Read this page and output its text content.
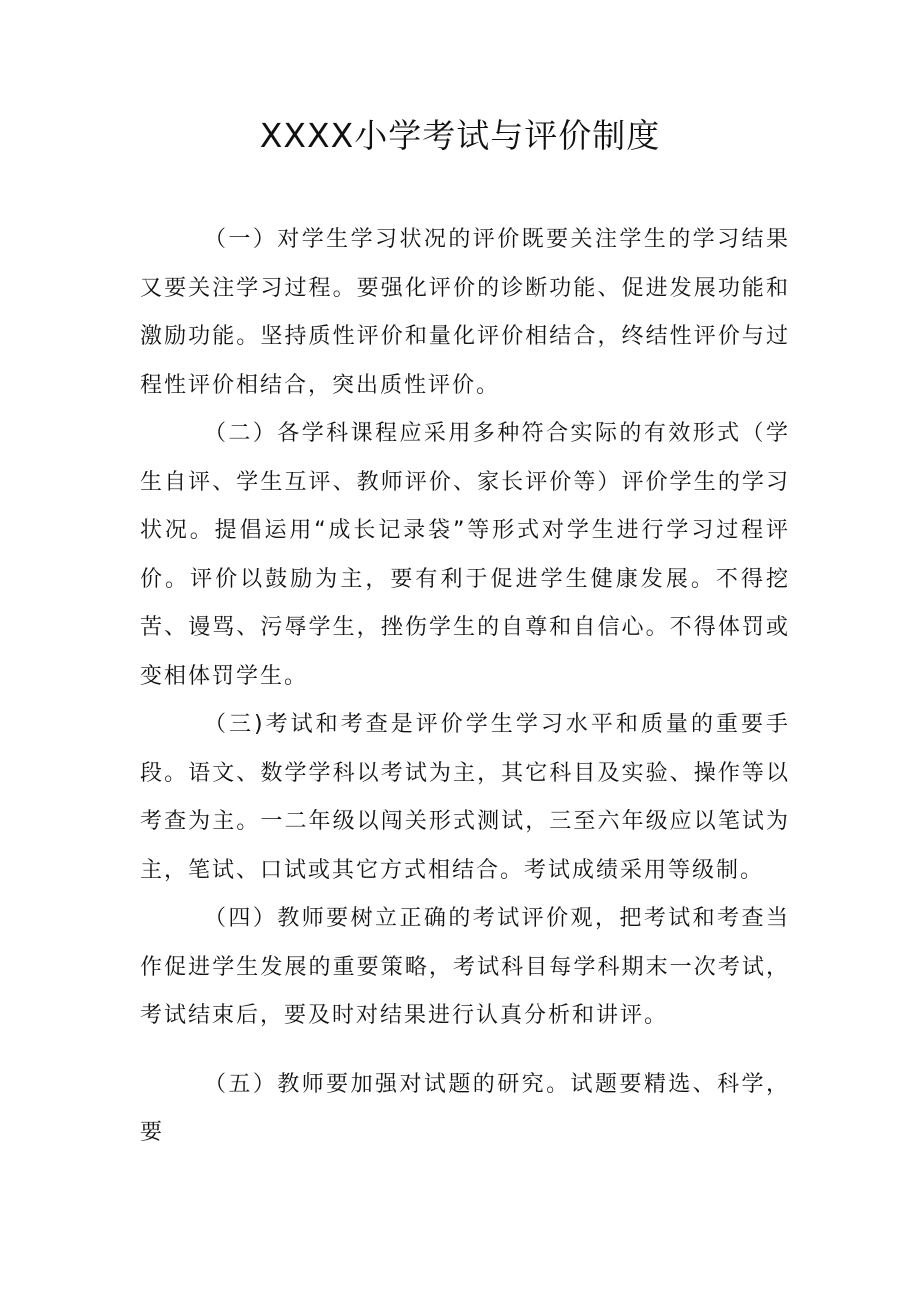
XXXX小学考试与评价制度

（一）对学生学习状况的评价既要关注学生的学习结果又要关注学习过程。要强化评价的诊断功能、促进发展功能和激励功能。坚持质性评价和量化评价相结合，终结性评价与过程性评价相结合，突出质性评价。

（二）各学科课程应采用多种符合实际的有效形式（学生自评、学生互评、教师评价、家长评价等）评价学生的学习状况。提倡运用“成长记录袋”等形式对学生进行学习过程评价。评价以鼓励为主，要有利于促进学生健康发展。不得挖苦、谩骂、污辱学生，挫伤学生的自尊和自信心。不得体罚或变相体罚学生。

（三)考试和考查是评价学生学习水平和质量的重要手段。语文、数学学科以考试为主，其它科目及实验、操作等以考查为主。一二年级以闯关形式测试，三至六年级应以笔试为主，笔试、口试或其它方式相结合。考试成绩采用等级制。

（四）教师要树立正确的考试评价观，把考试和考查当作促进学生发展的重要策略，考试科目每学科期末一次考试，考试结束后，要及时对结果进行认真分析和讲评。

（五）教师要加强对试题的研究。试题要精选、科学，要
